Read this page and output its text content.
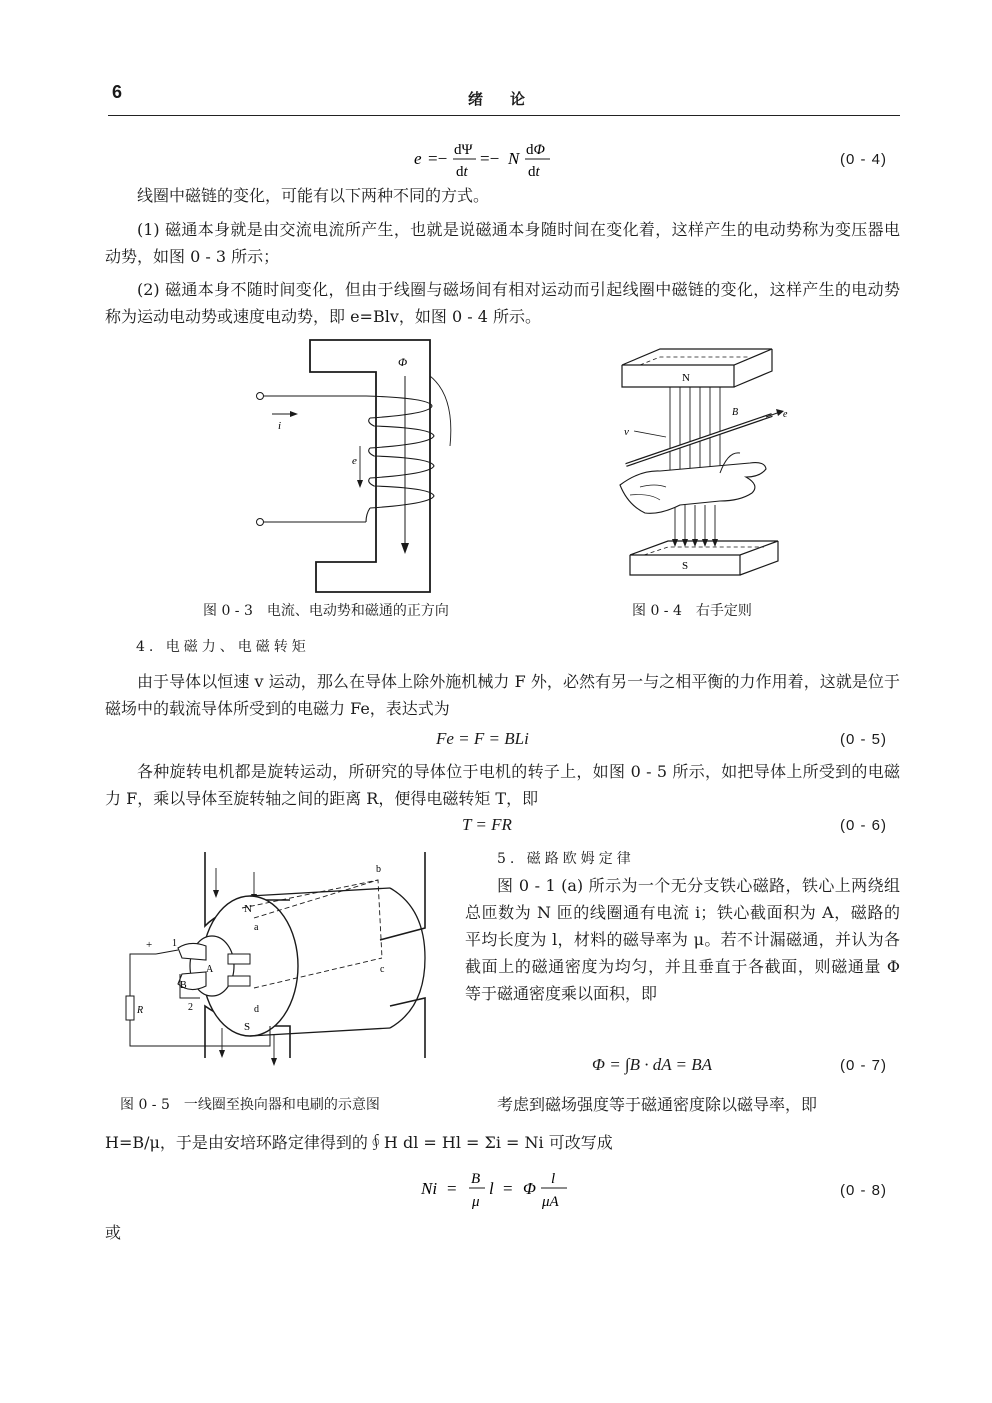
6	绪　论
e =− dΨ
dt
=− N dΦ
dt
(0 - 4)
线圈中磁链的变化，可能有以下两种不同的方式。
(1) 磁通本身就是由交流电流所产生，也就是说磁通本身随时间在变化着，这样产生的电动势称为变压器电动势，如图 0 - 3 所示；
(2) 磁通本身不随时间变化，但由于线圈与磁场间有相对运动而引起线圈中磁链的变化，这样产生的电动势称为运动电动势或速度电动势，即 e=Blv，如图 0 - 4 所示。
Φ
i
e
图 0 - 3　电流、电动势和磁通的正方向
N
e
B
v
S
图 0 - 4　右手定则
4. 电磁力、电磁转矩
由于导体以恒速 v 运动，那么在导体上除外施机械力 F 外，必然有另一与之相平衡的力作用着，这就是位于磁场中的载流导体所受到的电磁力 Fe，表达式为
Fe = F = BLi	(0 - 5)
各种旋转电机都是旋转运动，所研究的导体位于电机的转子上，如图 0 - 5 所示，如把导体上所受到的电磁力 F，乘以导体至旋转轴之间的距离 R，便得电磁转矩 T，即
T = FR	(0 - 6)
N
S
a
b
c
d
A
B
R
1
2
+
图 0 - 5　一线圈至换向器和电刷的示意图
5. 磁路欧姆定律
图 0 - 1 (a) 所示为一个无分支铁心磁路，铁心上两绕组总匝数为 N 匝的线圈通有电流 i；铁心截面积为 A，磁路的平均长度为 l，材料的磁导率为 μ。若不计漏磁通，并认为各截面上的磁通密度为均匀，并且垂直于各截面，则磁通量 Φ 等于磁通密度乘以面积，即
Φ = ∫B · dA = BA	(0 - 7)
考虑到磁场强度等于磁通密度除以磁导率，即
H=B/μ，于是由安培环路定律得到的∮H dl = Hl = Σi = Ni 可改写成
Ni = B
μ
l = Φ l
μA
(0 - 8)
或
